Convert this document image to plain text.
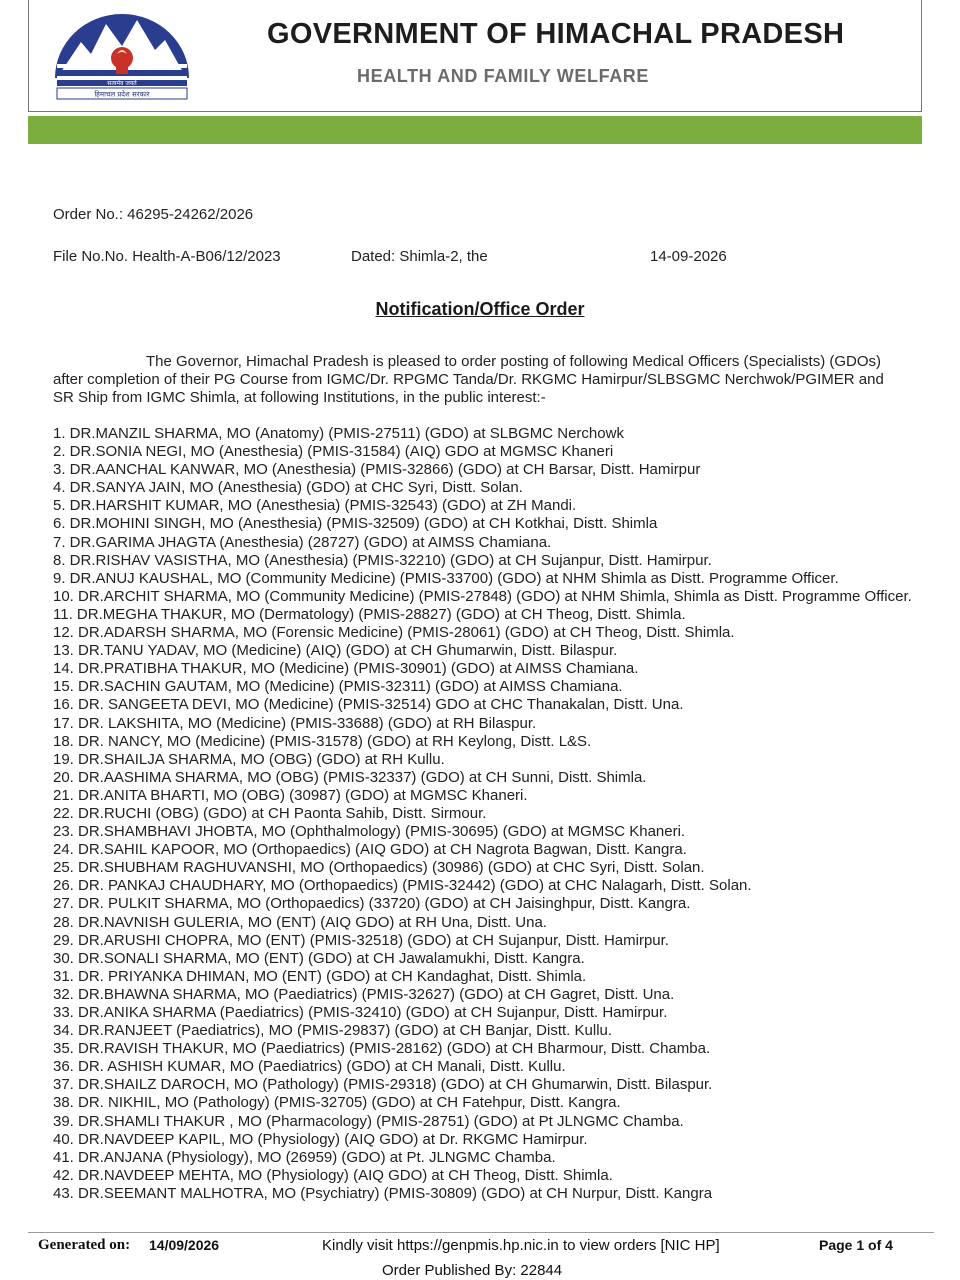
सत्यमेव जयते
हिमाचल प्रदेश सरकार
GOVERNMENT OF HIMACHAL PRADESH
HEALTH AND FAMILY WELFARE
Order No.: 46295-24262/2026
File No.No. Health-A-B06/12/2023	Dated: Shimla-2, the	14-09-2026
Notification/Office Order
The Governor, Himachal Pradesh is pleased to order posting of following Medical Officers (Specialists) (GDOs) after completion of their PG Course from IGMC/Dr. RPGMC Tanda/Dr. RKGMC Hamirpur/SLBSGMC Nerchwok/PGIMER and SR Ship from IGMC Shimla, at following Institutions, in the public interest:-
1. DR.MANZIL SHARMA, MO (Anatomy) (PMIS-27511) (GDO) at SLBGMC Nerchowk
2. DR.SONIA NEGI, MO (Anesthesia) (PMIS-31584) (AIQ) GDO at MGMSC Khaneri
3. DR.AANCHAL KANWAR, MO (Anesthesia) (PMIS-32866) (GDO) at CH Barsar, Distt. Hamirpur
4. DR.SANYA JAIN, MO (Anesthesia) (GDO) at CHC Syri, Distt. Solan.
5. DR.HARSHIT KUMAR, MO (Anesthesia) (PMIS-32543) (GDO) at ZH Mandi.
6. DR.MOHINI SINGH, MO (Anesthesia) (PMIS-32509) (GDO) at CH Kotkhai, Distt. Shimla
7. DR.GARIMA JHAGTA (Anesthesia) (28727) (GDO) at AIMSS Chamiana.
8. DR.RISHAV VASISTHA, MO (Anesthesia) (PMIS-32210) (GDO) at CH Sujanpur, Distt. Hamirpur.
9. DR.ANUJ KAUSHAL, MO (Community Medicine) (PMIS-33700) (GDO) at NHM Shimla as Distt. Programme Officer.
10. DR.ARCHIT SHARMA, MO (Community Medicine) (PMIS-27848) (GDO) at NHM Shimla, Shimla as Distt. Programme Officer.
11. DR.MEGHA THAKUR, MO (Dermatology) (PMIS-28827) (GDO) at CH Theog, Distt. Shimla.
12. DR.ADARSH SHARMA, MO (Forensic Medicine) (PMIS-28061) (GDO) at CH Theog, Distt. Shimla.
13. DR.TANU YADAV, MO (Medicine) (AIQ) (GDO) at CH Ghumarwin, Distt. Bilaspur.
14. DR.PRATIBHA THAKUR, MO (Medicine) (PMIS-30901) (GDO) at AIMSS Chamiana.
15. DR.SACHIN GAUTAM, MO (Medicine) (PMIS-32311) (GDO) at AIMSS Chamiana.
16. DR. SANGEETA DEVI, MO (Medicine) (PMIS-32514) GDO at CHC Thanakalan, Distt. Una.
17. DR. LAKSHITA, MO (Medicine) (PMIS-33688) (GDO) at RH Bilaspur.
18. DR. NANCY, MO (Medicine) (PMIS-31578) (GDO) at RH Keylong, Distt. L&S.
19. DR.SHAILJA SHARMA, MO (OBG) (GDO) at RH Kullu.
20. DR.AASHIMA SHARMA, MO (OBG) (PMIS-32337) (GDO) at CH Sunni, Distt. Shimla.
21. DR.ANITA BHARTI, MO (OBG) (30987) (GDO) at MGMSC Khaneri.
22. DR.RUCHI (OBG) (GDO) at CH Paonta Sahib, Distt. Sirmour.
23. DR.SHAMBHAVI JHOBTA, MO (Ophthalmology) (PMIS-30695) (GDO) at MGMSC Khaneri.
24. DR.SAHIL KAPOOR, MO (Orthopaedics) (AIQ GDO) at CH Nagrota Bagwan, Distt. Kangra.
25. DR.SHUBHAM RAGHUVANSHI, MO (Orthopaedics) (30986) (GDO) at CHC Syri, Distt. Solan.
26. DR. PANKAJ CHAUDHARY, MO (Orthopaedics) (PMIS-32442) (GDO) at CHC Nalagarh, Distt. Solan.
27. DR. PULKIT SHARMA, MO (Orthopaedics) (33720) (GDO) at CH Jaisinghpur, Distt. Kangra.
28. DR.NAVNISH GULERIA, MO (ENT) (AIQ GDO) at RH Una, Distt. Una.
29. DR.ARUSHI CHOPRA, MO (ENT) (PMIS-32518) (GDO) at CH Sujanpur, Distt. Hamirpur.
30. DR.SONALI SHARMA, MO (ENT) (GDO) at CH Jawalamukhi, Distt. Kangra.
31. DR. PRIYANKA DHIMAN, MO (ENT) (GDO) at CH Kandaghat, Distt. Shimla.
32. DR.BHAWNA SHARMA, MO (Paediatrics) (PMIS-32627) (GDO) at CH Gagret, Distt. Una.
33. DR.ANIKA SHARMA (Paediatrics) (PMIS-32410) (GDO) at CH Sujanpur, Distt. Hamirpur.
34. DR.RANJEET (Paediatrics), MO (PMIS-29837) (GDO) at CH Banjar, Distt. Kullu.
35. DR.RAVISH THAKUR, MO (Paediatrics) (PMIS-28162) (GDO) at CH Bharmour, Distt. Chamba.
36. DR. ASHISH KUMAR, MO (Paediatrics) (GDO) at CH Manali, Distt. Kullu.
37. DR.SHAILZ DAROCH, MO (Pathology) (PMIS-29318) (GDO) at CH Ghumarwin, Distt. Bilaspur.
38. DR. NIKHIL, MO (Pathology) (PMIS-32705) (GDO) at CH Fatehpur, Distt. Kangra.
39. DR.SHAMLI THAKUR , MO (Pharmacology) (PMIS-28751) (GDO) at Pt JLNGMC Chamba.
40. DR.NAVDEEP KAPIL, MO (Physiology) (AIQ GDO) at Dr. RKGMC Hamirpur.
41. DR.ANJANA (Physiology), MO (26959) (GDO) at Pt. JLNGMC Chamba.
42. DR.NAVDEEP MEHTA, MO (Physiology) (AIQ GDO) at CH Theog, Distt. Shimla.
43. DR.SEEMANT MALHOTRA, MO (Psychiatry) (PMIS-30809) (GDO) at CH Nurpur, Distt. Kangra
Generated on: 14/09/2026	Kindly visit https://genpmis.hp.nic.in to view orders [NIC HP]	Page 1 of 4
Order Published By: 22844
